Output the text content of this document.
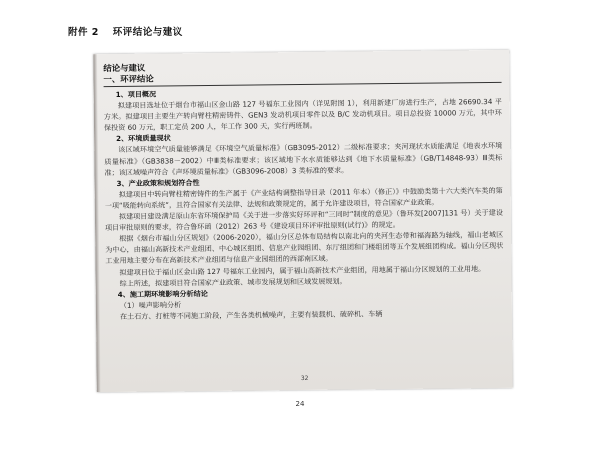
附件 2 环评结论与建议
结论与建议
一、环评结论
1、项目概况
拟建项目选址位于烟台市福山区金山路 127 号福东工业园内（详见附图 1），利用新建厂房进行生产，占地 26690.34 平方米。拟建项目主要生产转向臂柱精密铸件、GEN3 发动机项目零件以及 B/C 发动机项目。项目总投资 10000 万元，其中环保投资 60 万元，职工定员 200 人，年工作 300 天，实行两班制。
2、环境质量现状
该区域环境空气质量能够满足《环境空气质量标准》（GB3095-2012）二级标准要求；夹河现状水质能满足《地表水环境质量标准》（GB3838－2002）中Ⅲ类标准要求；该区域地下水水质能够达到《地下水质量标准》（GB/T14848-93）Ⅲ类标准；该区域噪声符合《声环境质量标准》（GB3096-2008）3 类标准的要求。
3、产业政策和规划符合性
拟建项目中转向臂柱精密铸件的生产属于《产业结构调整指导目录（2011 年本）（修正）》中鼓励类第十六大类汽车类的第一项“吸能转向系统”，且符合国家有关法律、法规和政策规定的，属于允许建设项目，符合国家产业政策。
拟建项目建设满足原山东省环境保护局《关于进一步落实好环评和“三同时”制度的意见》（鲁环发[2007]131 号）关于建设项目审批原则的要求，符合鲁环函（2012）263 号《建设项目环评审批原则(试行)》的规定。
根据《烟台市福山分区规划》（2006-2020），福山分区总体布局结构以南北向的夹河生态带和福海路为轴线，福山老城区为中心，由福山高新技术产业组团、中心城区组团、信息产业园组团、东厅组团和门楼组团等五个发展组团构成。福山分区现状工业用地主要分布在高新技术产业组团与信息产业园组团的西部南区域。
拟建项目位于福山区金山路 127 号福东工业园内，属于福山高新技术产业组团，用地属于福山分区规划的工业用地。
综上所述，拟建项目符合国家产业政策、城市发展规划和区域发展规划。
4、施工期环境影响分析结论
（1）噪声影响分析
在土石方、打桩等不同施工阶段，产生各类机械噪声，主要有装载机、破碎机、车辆
32
24
